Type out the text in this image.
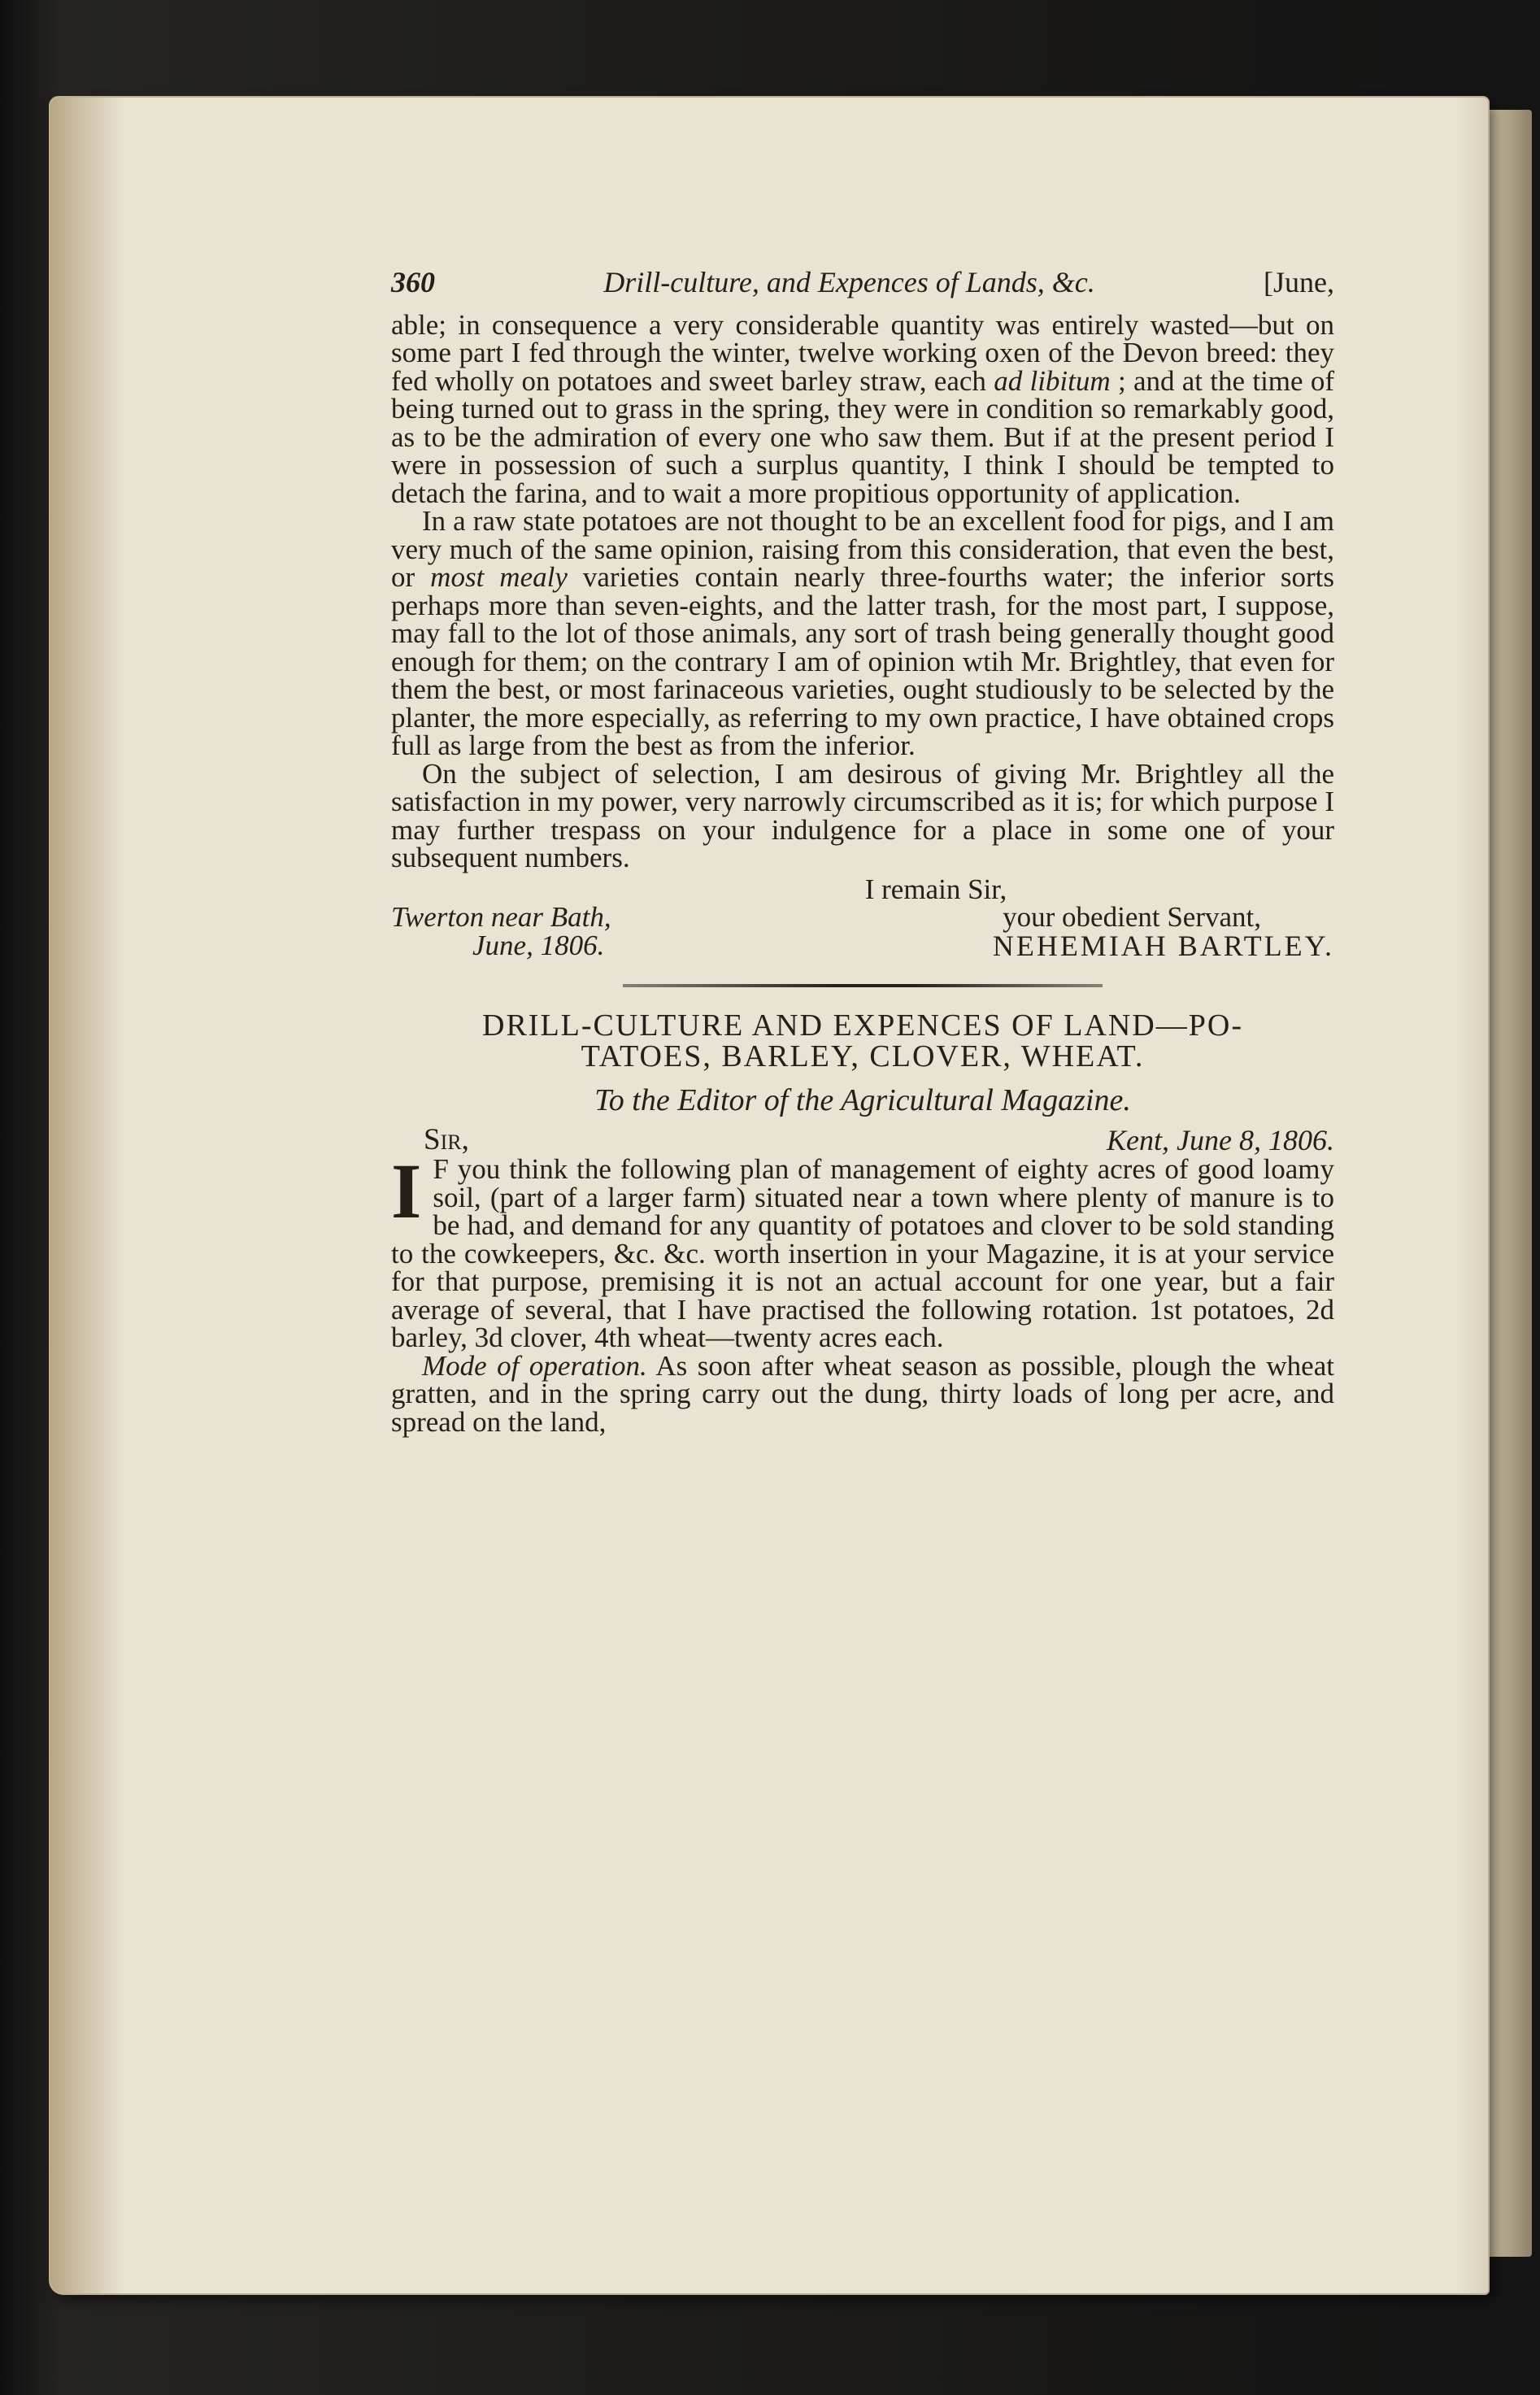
360	Drill-culture, and Expences of Lands, &c.	[June,

able; in consequence a very considerable quantity was entirely wasted—but on some part I fed through the winter, twelve working oxen of the Devon breed: they fed wholly on potatoes and sweet barley straw, each ad libitum ; and at the time of being turned out to grass in the spring, they were in condition so remarkably good, as to be the admiration of every one who saw them. But if at the present period I were in possession of such a surplus quantity, I think I should be tempted to detach the farina, and to wait a more propitious opportunity of application.

In a raw state potatoes are not thought to be an excellent food for pigs, and I am very much of the same opinion, raising from this consideration, that even the best, or most mealy varieties contain nearly three-fourths water; the inferior sorts perhaps more than seven-eights, and the latter trash, for the most part, I suppose, may fall to the lot of those animals, any sort of trash being generally thought good enough for them; on the contrary I am of opinion wtih Mr. Brightley, that even for them the best, or most farinaceous varieties, ought studiously to be selected by the planter, the more especially, as referring to my own practice, I have obtained crops full as large from the best as from the inferior.

On the subject of selection, I am desirous of giving Mr. Brightley all the satisfaction in my power, very narrowly circumscribed as it is; for which purpose I may further trespass on your indulgence for a place in some one of your subsequent numbers.

I remain Sir,
Twerton near Bath,	your obedient Servant,
June, 1806.	NEHEMIAH BARTLEY.
DRILL-CULTURE AND EXPENCES OF LAND—PO-
TATOES, BARLEY, CLOVER, WHEAT.
To the Editor of the Agricultural Magazine.
Sir,	Kent, June 8, 1806.

I F you think the following plan of management of eighty acres of good loamy soil, (part of a larger farm) situated near a town where plenty of manure is to be had, and demand for any quantity of potatoes and clover to be sold standing to the cowkeepers, &c. &c. worth insertion in your Magazine, it is at your service for that purpose, premising it is not an actual account for one year, but a fair average of several, that I have practised the following rotation. 1st potatoes, 2d barley, 3d clover, 4th wheat—twenty acres each.

Mode of operation. As soon after wheat season as possible, plough the wheat gratten, and in the spring carry out the dung, thirty loads of long per acre, and spread on the land,
